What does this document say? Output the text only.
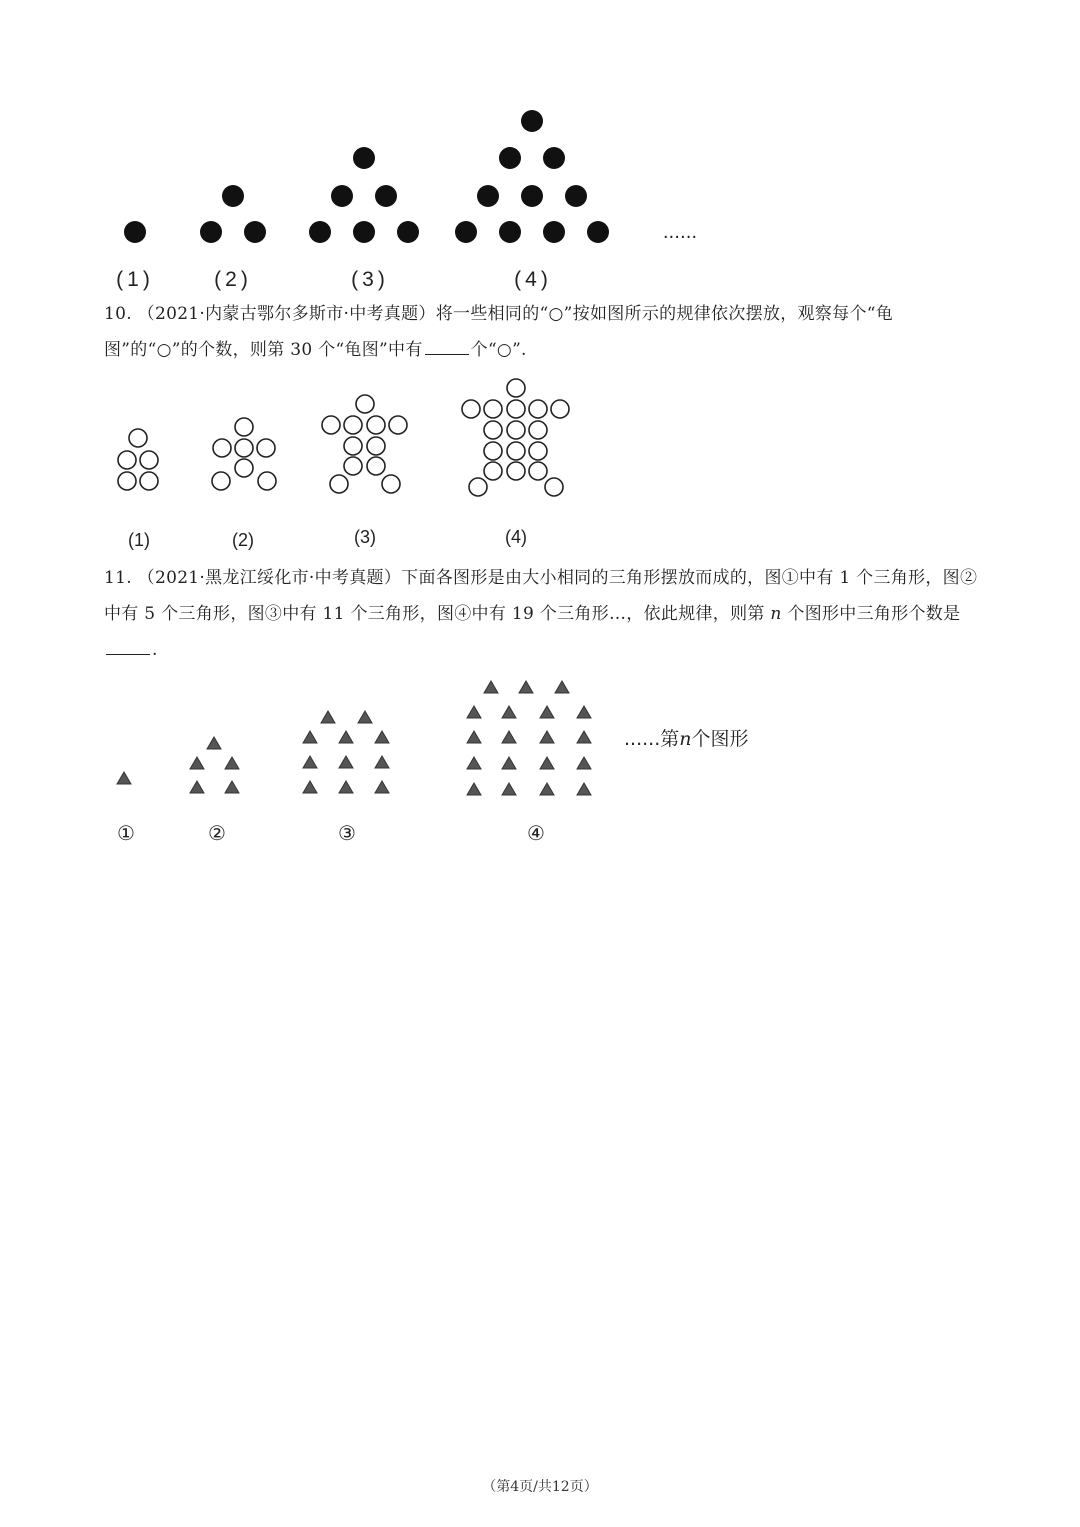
......
(1)	(2)	(3)	(4)
10. （2021·内蒙古鄂尔多斯市·中考真题）将一些相同的“○”按如图所示的规律依次摆放，观察每个“龟图”的“○”的个数，则第 30 个“龟图”中有	个“○”.
(1)	(2)	(3)	(4)
11. （2021·黑龙江绥化市·中考真题）下面各图形是由大小相同的三角形摆放而成的，图①中有 1 个三角形，图②中有 5 个三角形，图③中有 11 个三角形，图④中有 19 个三角形…，依此规律，则第 n 个图形中三角形个数是.
......第n个图形
①	②	③	④
（第4页/共12页）
